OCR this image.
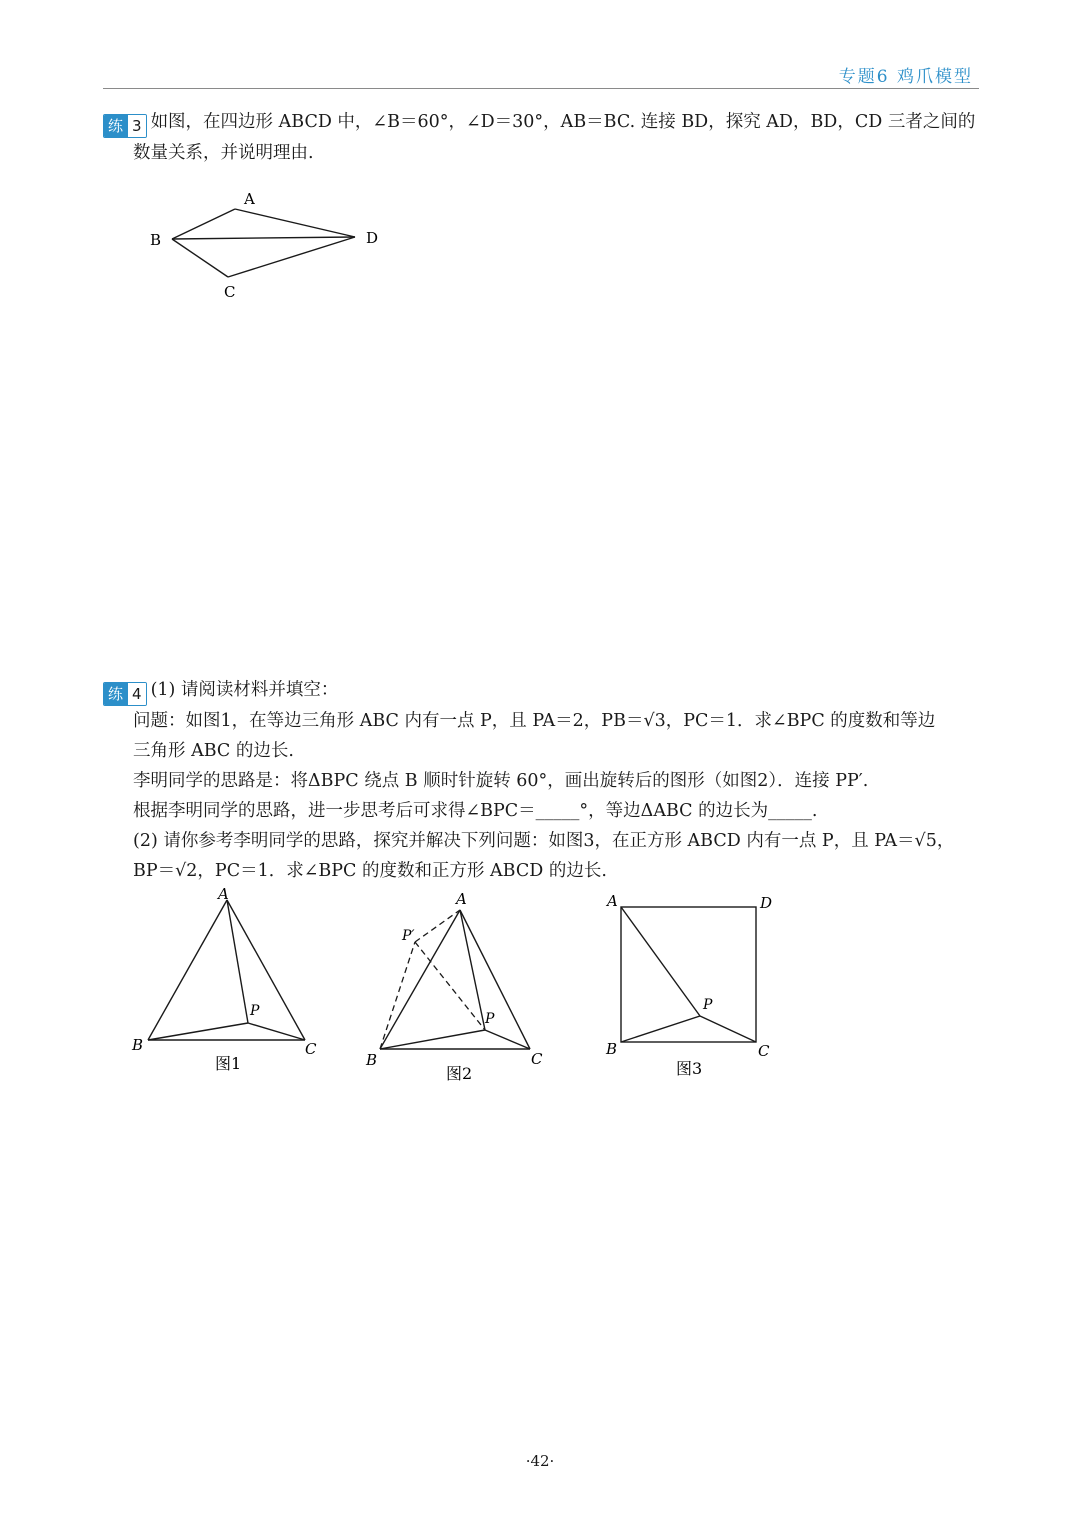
专题6 鸡爪模型
练 3 如图，在四边形 ABCD 中，∠B＝60°，∠D＝30°，AB＝BC. 连接 BD，探究 AD，BD，CD 三者之间的
数量关系，并说明理由.
A
B
C
D
练 4 (1) 请阅读材料并填空：
问题：如图1，在等边三角形 ABC 内有一点 P，且 PA＝2，PB＝√3，PC＝1．求∠BPC 的度数和等边
三角形 ABC 的边长.
李明同学的思路是：将ΔBPC 绕点 B 顺时针旋转 60°，画出旋转后的图形（如图2）．连接 PP′.
根据李明同学的思路，进一步思考后可求得∠BPC＝_____°，等边ΔABC 的边长为_____.
(2) 请你参考李明同学的思路，探究并解决下列问题：如图3，在正方形 ABCD 内有一点 P，且 PA＝√5，
BP＝√2，PC＝1．求∠BPC 的度数和正方形 ABCD 的边长.
A
B	C
P
图1
A
B	C
P
P′
图2
A	D
B	C
P
图3
·42·
